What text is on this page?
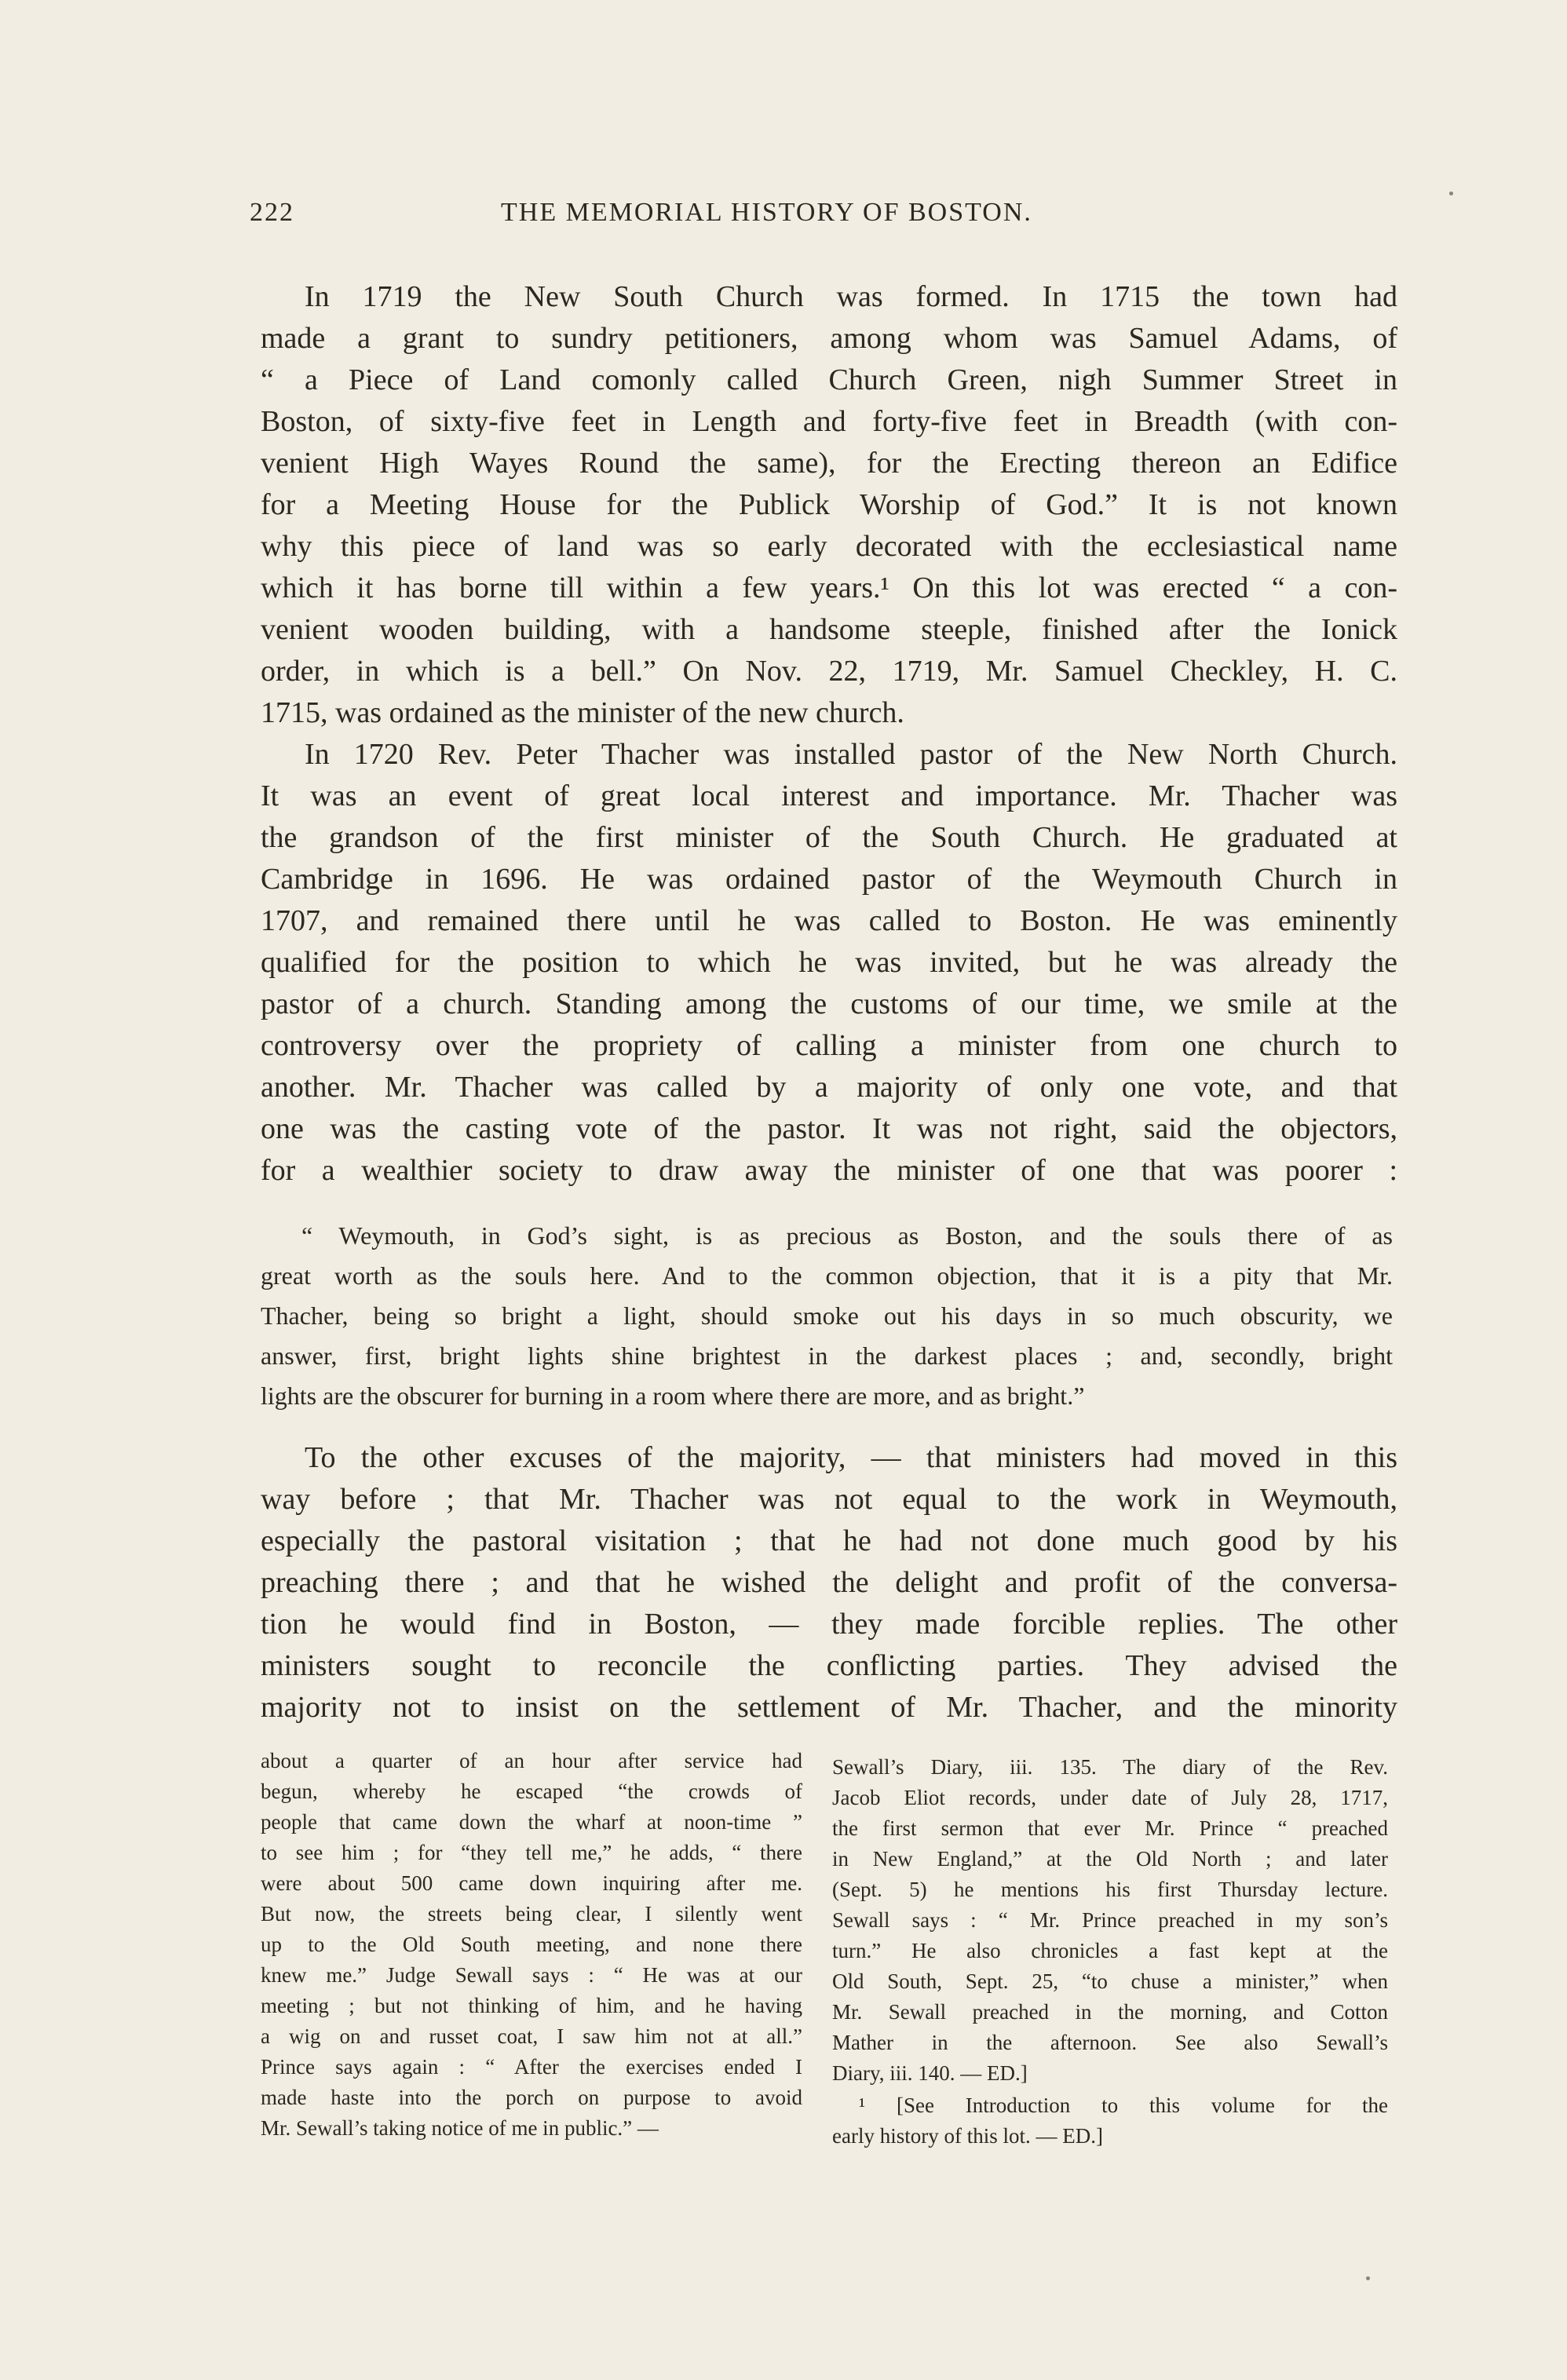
222	THE MEMORIAL HISTORY OF BOSTON.
In 1719 the New South Church was formed. In 1715 the town had
made a grant to sundry petitioners, among whom was Samuel Adams, of
“ a Piece of Land comonly called Church Green, nigh Summer Street in
Boston, of sixty-five feet in Length and forty-five feet in Breadth (with con-
venient High Wayes Round the same), for the Erecting thereon an Edifice
for a Meeting House for the Publick Worship of God.” It is not known
why this piece of land was so early decorated with the ecclesiastical name
which it has borne till within a few years.¹ On this lot was erected “ a con-
venient wooden building, with a handsome steeple, finished after the Ionick
order, in which is a bell.” On Nov. 22, 1719, Mr. Samuel Checkley, H. C.
1715, was ordained as the minister of the new church.
In 1720 Rev. Peter Thacher was installed pastor of the New North Church.
It was an event of great local interest and importance. Mr. Thacher was
the grandson of the first minister of the South Church. He graduated at
Cambridge in 1696. He was ordained pastor of the Weymouth Church in
1707, and remained there until he was called to Boston. He was eminently
qualified for the position to which he was invited, but he was already the
pastor of a church. Standing among the customs of our time, we smile at the
controversy over the propriety of calling a minister from one church to
another. Mr. Thacher was called by a majority of only one vote, and that
one was the casting vote of the pastor. It was not right, said the objectors,
for a wealthier society to draw away the minister of one that was poorer :
“ Weymouth, in God’s sight, is as precious as Boston, and the souls there of as
great worth as the souls here. And to the common objection, that it is a pity that Mr.
Thacher, being so bright a light, should smoke out his days in so much obscurity, we
answer, first, bright lights shine brightest in the darkest places ; and, secondly, bright
lights are the obscurer for burning in a room where there are more, and as bright.”
To the other excuses of the majority, — that ministers had moved in this
way before ; that Mr. Thacher was not equal to the work in Weymouth,
especially the pastoral visitation ; that he had not done much good by his
preaching there ; and that he wished the delight and profit of the conversa-
tion he would find in Boston, — they made forcible replies. The other
ministers sought to reconcile the conflicting parties. They advised the
majority not to insist on the settlement of Mr. Thacher, and the minority
about a quarter of an hour after service had
begun, whereby he escaped “the crowds of
people that came down the wharf at noon-time ”
to see him ; for “they tell me,” he adds, “ there
were about 500 came down inquiring after me.
But now, the streets being clear, I silently went
up to the Old South meeting, and none there
knew me.” Judge Sewall says : “ He was at our
meeting ; but not thinking of him, and he having
a wig on and russet coat, I saw him not at all.”
Prince says again : “ After the exercises ended I
made haste into the porch on purpose to avoid
Mr. Sewall’s taking notice of me in public.” —
Sewall’s Diary, iii. 135. The diary of the Rev.
Jacob Eliot records, under date of July 28, 1717,
the first sermon that ever Mr. Prince “ preached
in New England,” at the Old North ; and later
(Sept. 5) he mentions his first Thursday lecture.
Sewall says : “ Mr. Prince preached in my son’s
turn.” He also chronicles a fast kept at the
Old South, Sept. 25, “to chuse a minister,” when
Mr. Sewall preached in the morning, and Cotton
Mather in the afternoon. See also Sewall’s
Diary, iii. 140. — ED.]
¹ [See Introduction to this volume for the
early history of this lot. — ED.]
